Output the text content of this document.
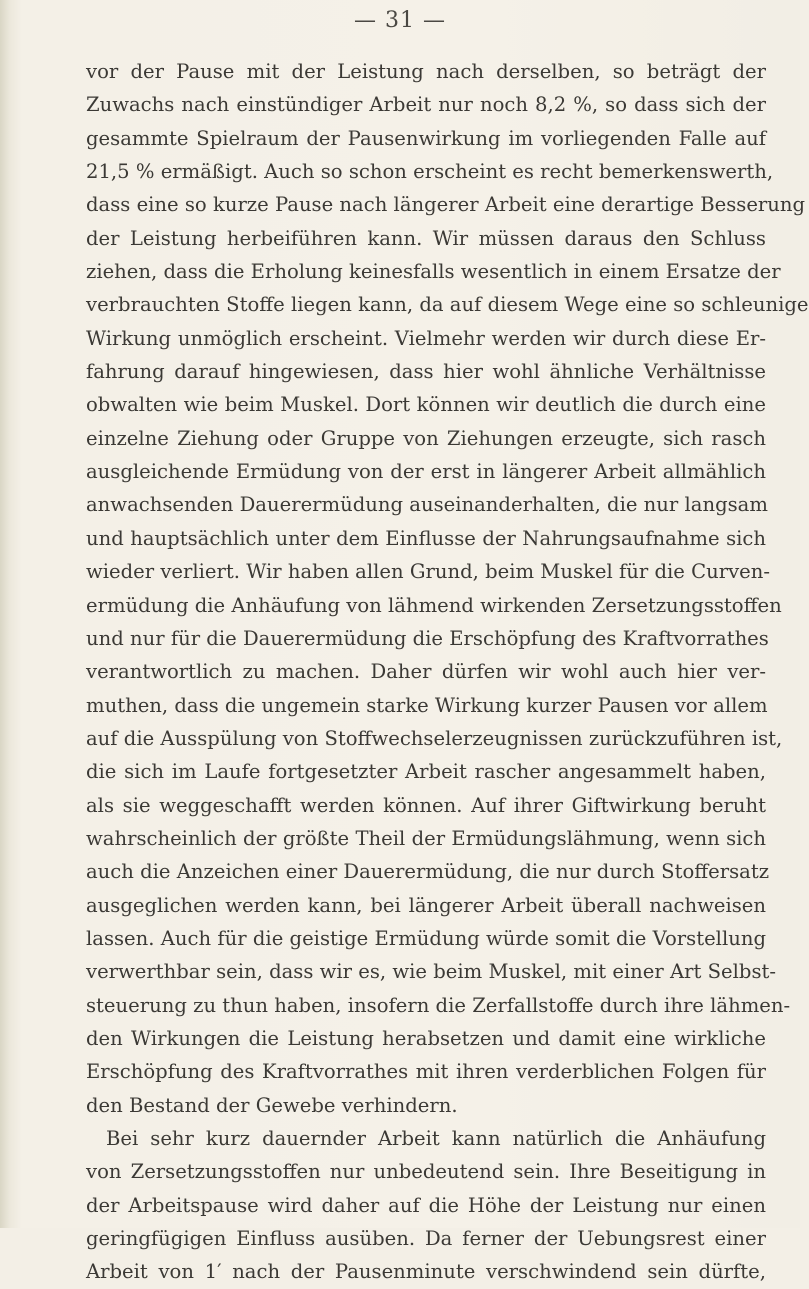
— 31 —
vor der Pause mit der Leistung nach derselben, so beträgt der
Zuwachs nach einstündiger Arbeit nur noch 8,2 %, so dass sich der
gesammte Spielraum der Pausenwirkung im vorliegenden Falle auf
21,5 % ermäßigt. Auch so schon erscheint es recht bemerkenswerth,
dass eine so kurze Pause nach längerer Arbeit eine derartige Besserung
der Leistung herbeiführen kann. Wir müssen daraus den Schluss
ziehen, dass die Erholung keinesfalls wesentlich in einem Ersatze der
verbrauchten Stoffe liegen kann, da auf diesem Wege eine so schleunige
Wirkung unmöglich erscheint. Vielmehr werden wir durch diese Er-
fahrung darauf hingewiesen, dass hier wohl ähnliche Verhältnisse
obwalten wie beim Muskel. Dort können wir deutlich die durch eine
einzelne Ziehung oder Gruppe von Ziehungen erzeugte, sich rasch
ausgleichende Ermüdung von der erst in längerer Arbeit allmählich
anwachsenden Dauerermüdung auseinanderhalten, die nur langsam
und hauptsächlich unter dem Einflusse der Nahrungsaufnahme sich
wieder verliert. Wir haben allen Grund, beim Muskel für die Curven-
ermüdung die Anhäufung von lähmend wirkenden Zersetzungsstoffen
und nur für die Dauerermüdung die Erschöpfung des Kraftvorrathes
verantwortlich zu machen. Daher dürfen wir wohl auch hier ver-
muthen, dass die ungemein starke Wirkung kurzer Pausen vor allem
auf die Ausspülung von Stoffwechselerzeugnissen zurückzuführen ist,
die sich im Laufe fortgesetzter Arbeit rascher angesammelt haben,
als sie weggeschafft werden können. Auf ihrer Giftwirkung beruht
wahrscheinlich der größte Theil der Ermüdungslähmung, wenn sich
auch die Anzeichen einer Dauerermüdung, die nur durch Stoffersatz
ausgeglichen werden kann, bei längerer Arbeit überall nachweisen
lassen. Auch für die geistige Ermüdung würde somit die Vorstellung
verwerthbar sein, dass wir es, wie beim Muskel, mit einer Art Selbst-
steuerung zu thun haben, insofern die Zerfallstoffe durch ihre lähmen-
den Wirkungen die Leistung herabsetzen und damit eine wirkliche
Erschöpfung des Kraftvorrathes mit ihren verderblichen Folgen für
den Bestand der Gewebe verhindern.
Bei sehr kurz dauernder Arbeit kann natürlich die Anhäufung
von Zersetzungsstoffen nur unbedeutend sein. Ihre Beseitigung in
der Arbeitspause wird daher auf die Höhe der Leistung nur einen
geringfügigen Einfluss ausüben. Da ferner der Uebungsrest einer
Arbeit von 1′ nach der Pausenminute verschwindend sein dürfte,
